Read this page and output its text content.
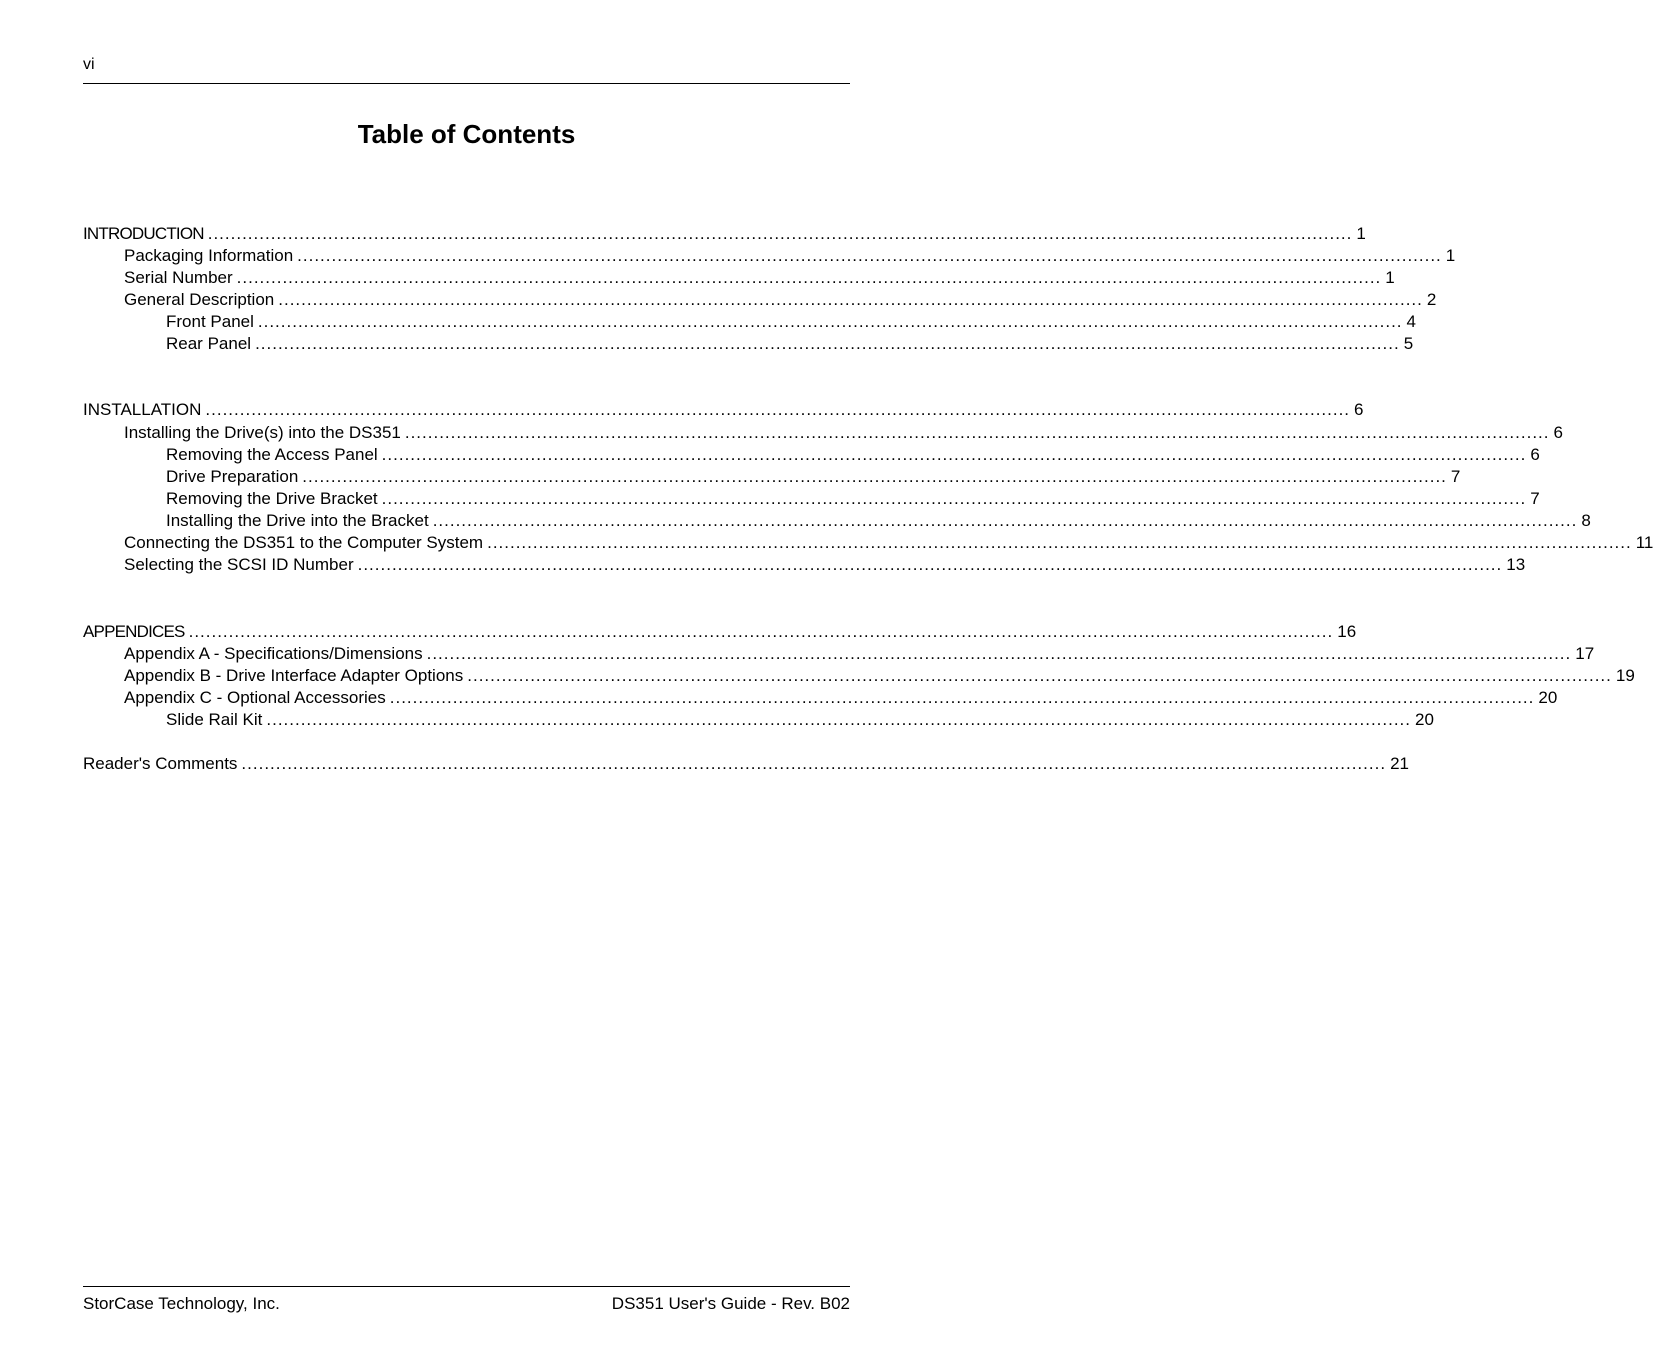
vi
Table of Contents
INTRODUCTION ........................................................................................................................................................................................................ 1
Packaging Information ........................................................................................................................................................................................................ 1
Serial Number ........................................................................................................................................................................................................ 1
General Description ........................................................................................................................................................................................................ 2
Front Panel ........................................................................................................................................................................................................ 4
Rear Panel ........................................................................................................................................................................................................ 5
INSTALLATION ........................................................................................................................................................................................................ 6
Installing the Drive(s) into the DS351 ........................................................................................................................................................................................................ 6
Removing the Access Panel ........................................................................................................................................................................................................ 6
Drive Preparation ........................................................................................................................................................................................................ 7
Removing the Drive Bracket ........................................................................................................................................................................................................ 7
Installing the Drive into the Bracket ........................................................................................................................................................................................................ 8
Connecting the DS351 to the Computer System ........................................................................................................................................................................................................ 11
Selecting the SCSI ID Number ........................................................................................................................................................................................................ 13
APPENDICES ........................................................................................................................................................................................................ 16
Appendix A - Specifications/Dimensions ........................................................................................................................................................................................................ 17
Appendix B - Drive Interface Adapter Options ........................................................................................................................................................................................................ 19
Appendix C - Optional Accessories ........................................................................................................................................................................................................ 20
Slide Rail Kit ........................................................................................................................................................................................................ 20
Reader's Comments ........................................................................................................................................................................................................ 21
StorCase Technology, Inc.	DS351 User's Guide - Rev. B02
